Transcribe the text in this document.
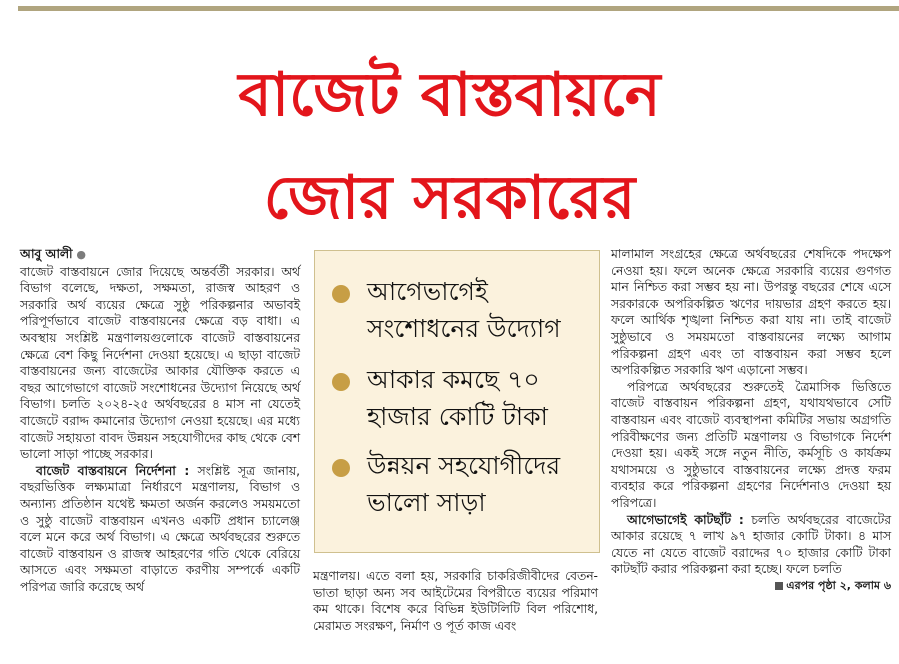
বাজেট বাস্তবায়নে
জোর সরকারের

আবু আলী ●

বাজেট বাস্তবায়নে জোর দিয়েছে অন্তর্বর্তী সরকার। অর্থ বিভাগ বলেছে, দক্ষতা, সক্ষমতা, রাজস্ব আহরণ ও সরকারি অর্থ ব্যয়ের ক্ষেত্রে সুষ্ঠু পরিকল্পনার অভাবই পরিপূর্ণভাবে বাজেট বাস্তবায়নের ক্ষেত্রে বড় বাধা। এ অবস্থায় সংশ্লিষ্ট মন্ত্রণালয়গুলোকে বাজেট বাস্তবায়নের ক্ষেত্রে বেশ কিছু নির্দেশনা দেওয়া হয়েছে। এ ছাড়া বাজেট বাস্তবায়নের জন্য বাজেটের আকার যৌক্তিক করতে এ বছর আগেভাগে বাজেট সংশোধনের উদ্যোগ নিয়েছে অর্থ বিভাগ। চলতি ২০২৪-২৫ অর্থবছরের ৪ মাস না যেতেই বাজেটে বরাদ্দ কমানোর উদ্যোগ নেওয়া হয়েছে। এর মধ্যে বাজেট সহায়তা বাবদ উন্নয়ন সহযোগীদের কাছ থেকে বেশ ভালো সাড়া পাচ্ছে সরকার।

বাজেট বাস্তবায়নে নির্দেশনা : সংশ্লিষ্ট সূত্র জানায়, বছরভিত্তিক লক্ষ্যমাত্রা নির্ধারণে মন্ত্রণালয়, বিভাগ ও অন্যান্য প্রতিষ্ঠান যথেষ্ট ক্ষমতা অর্জন করলেও সময়মতো ও সুষ্ঠু বাজেট বাস্তবায়ন এখনও একটি প্রধান চ্যালেঞ্জ বলে মনে করে অর্থ বিভাগ। এ ক্ষেত্রে অর্থবছরের শুরুতে বাজেট বাস্তবায়ন ও রাজস্ব আহরণের গতি থেকে বেরিয়ে আসতে এবং সক্ষমতা বাড়াতে করণীয় সম্পর্কে একটি পরিপত্র জারি করেছে অর্থ

আগেভাগেই সংশোধনের উদ্যোগ
আকার কমছে ৭০ হাজার কোটি টাকা
উন্নয়ন সহযোগীদের ভালো সাড়া

মন্ত্রণালয়। এতে বলা হয়, সরকারি চাকরিজীবীদের বেতন-ভাতা ছাড়া অন্য সব আইটেমের বিপরীতে ব্যয়ের পরিমাণ কম থাকে। বিশেষ করে বিভিন্ন ইউটিলিটি বিল পরিশোধ, মেরামত সংরক্ষণ, নির্মাণ ও পূর্ত কাজ এবং

মালামাল সংগ্রহের ক্ষেত্রে অর্থবছরের শেষদিকে পদক্ষেপ নেওয়া হয়। ফলে অনেক ক্ষেত্রে সরকারি ব্যয়ের গুণগত মান নিশ্চিত করা সম্ভব হয় না। উপরন্তু বছরের শেষে এসে সরকারকে অপরিকল্পিত ঋণের দায়ভার গ্রহণ করতে হয়। ফলে আর্থিক শৃঙ্খলা নিশ্চিত করা যায় না। তাই বাজেট সুষ্ঠুভাবে ও সময়মতো বাস্তবায়নের লক্ষ্যে আগাম পরিকল্পনা গ্রহণ এবং তা বাস্তবায়ন করা সম্ভব হলে অপরিকল্পিত সরকারি ঋণ এড়ানো সম্ভব।

পরিপত্রে অর্থবছরের শুরুতেই ত্রৈমাসিক ভিত্তিতে বাজেট বাস্তবায়ন পরিকল্পনা গ্রহণ, যথাযথভাবে সেটি বাস্তবায়ন এবং বাজেট ব্যবস্থাপনা কমিটির সভায় অগ্রগতি পরিবীক্ষণের জন্য প্রতিটি মন্ত্রণালয় ও বিভাগকে নির্দেশ দেওয়া হয়। একই সঙ্গে নতুন নীতি, কর্মসূচি ও কার্যক্রম যথাসময়ে ও সুষ্ঠুভাবে বাস্তবায়নের লক্ষ্যে প্রদত্ত ফরম ব্যবহার করে পরিকল্পনা গ্রহণের নির্দেশনাও দেওয়া হয় পরিপত্রে।

আগেভাগেই কাটছাঁট : চলতি অর্থবছরের বাজেটের আকার রয়েছে ৭ লাখ ৯৭ হাজার কোটি টাকা। ৪ মাস যেতে না যেতে বাজেট বরাদ্দের ৭০ হাজার কোটি টাকা কাটছাঁট করার পরিকল্পনা করা হচ্ছে। ফলে চলতি

এরপর পৃষ্ঠা ২, কলাম ৬
